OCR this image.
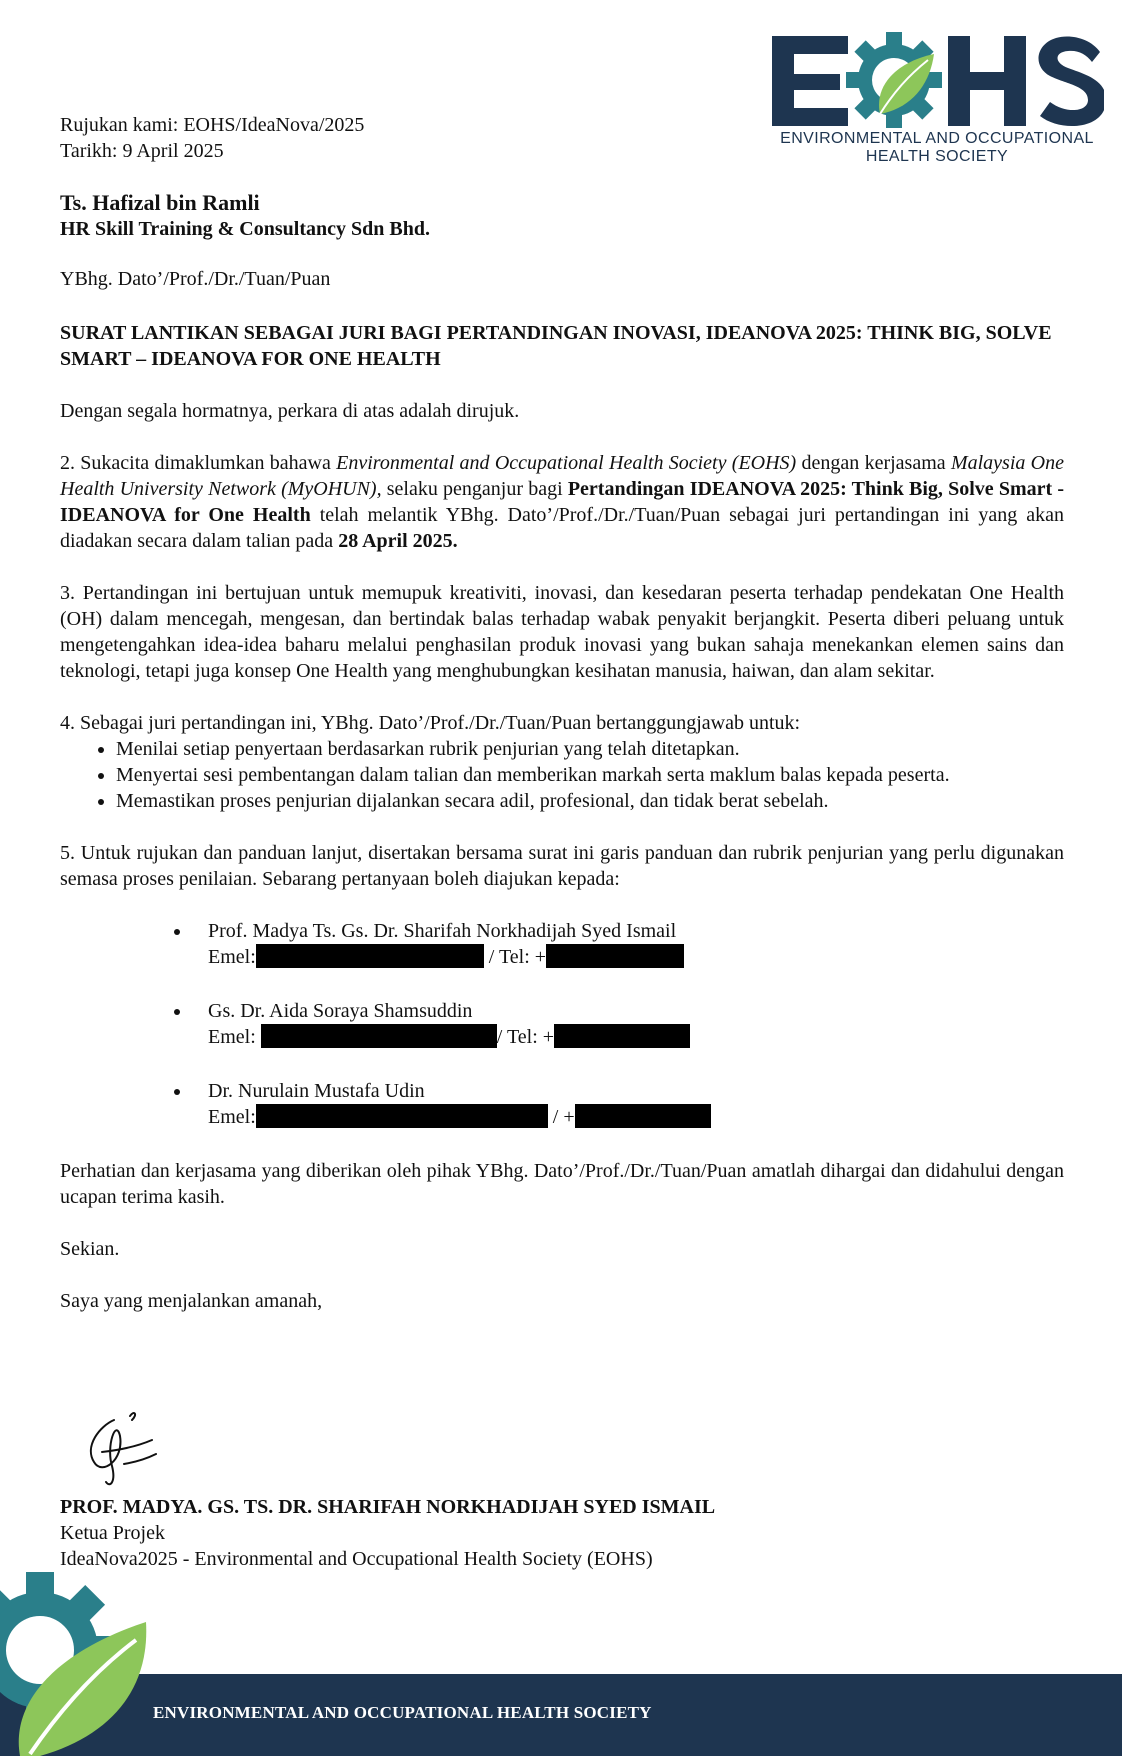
ENVIRONMENTAL AND OCCUPATIONAL
HEALTH SOCIETY
Rujukan kami: EOHS/IdeaNova/2025
Tarikh: 9 April 2025
Ts. Hafizal bin Ramli
HR Skill Training & Consultancy Sdn Bhd.
YBhg. Dato’/Prof./Dr./Tuan/Puan
SURAT LANTIKAN SEBAGAI JURI BAGI PERTANDINGAN INOVASI, IDEANOVA 2025: THINK BIG, SOLVE SMART – IDEANOVA FOR ONE HEALTH
Dengan segala hormatnya, perkara di atas adalah dirujuk.
2. Sukacita dimaklumkan bahawa Environmental and Occupational Health Society (EOHS) dengan kerjasama Malaysia One Health University Network (MyOHUN), selaku penganjur bagi Pertandingan IDEANOVA 2025: Think Big, Solve Smart - IDEANOVA for One Health telah melantik YBhg. Dato’/Prof./Dr./Tuan/Puan sebagai juri pertandingan ini yang akan diadakan secara dalam talian pada 28 April 2025.
3. Pertandingan ini bertujuan untuk memupuk kreativiti, inovasi, dan kesedaran peserta terhadap pendekatan One Health (OH) dalam mencegah, mengesan, dan bertindak balas terhadap wabak penyakit berjangkit. Peserta diberi peluang untuk mengetengahkan idea-idea baharu melalui penghasilan produk inovasi yang bukan sahaja menekankan elemen sains dan teknologi, tetapi juga konsep One Health yang menghubungkan kesihatan manusia, haiwan, dan alam sekitar.
4. Sebagai juri pertandingan ini, YBhg. Dato’/Prof./Dr./Tuan/Puan bertanggungjawab untuk:
• Menilai setiap penyertaan berdasarkan rubrik penjurian yang telah ditetapkan.
• Menyertai sesi pembentangan dalam talian dan memberikan markah serta maklum balas kepada peserta.
• Memastikan proses penjurian dijalankan secara adil, profesional, dan tidak berat sebelah.
5. Untuk rujukan dan panduan lanjut, disertakan bersama surat ini garis panduan dan rubrik penjurian yang perlu digunakan semasa proses penilaian. Sebarang pertanyaan boleh diajukan kepada:
• Prof. Madya Ts. Gs. Dr. Sharifah Norkhadijah Syed Ismail
Emel:	/ Tel: +
• Gs. Dr. Aida Soraya Shamsuddin
Emel:	/ Tel: +
• Dr. Nurulain Mustafa Udin
Emel:	/ +
Perhatian dan kerjasama yang diberikan oleh pihak YBhg. Dato’/Prof./Dr./Tuan/Puan amatlah dihargai dan didahului dengan ucapan terima kasih.
Sekian.
Saya yang menjalankan amanah,
PROF. MADYA. GS. TS. DR. SHARIFAH NORKHADIJAH SYED ISMAIL
Ketua Projek
IdeaNova2025 - Environmental and Occupational Health Society (EOHS)
ENVIRONMENTAL AND OCCUPATIONAL HEALTH SOCIETY
